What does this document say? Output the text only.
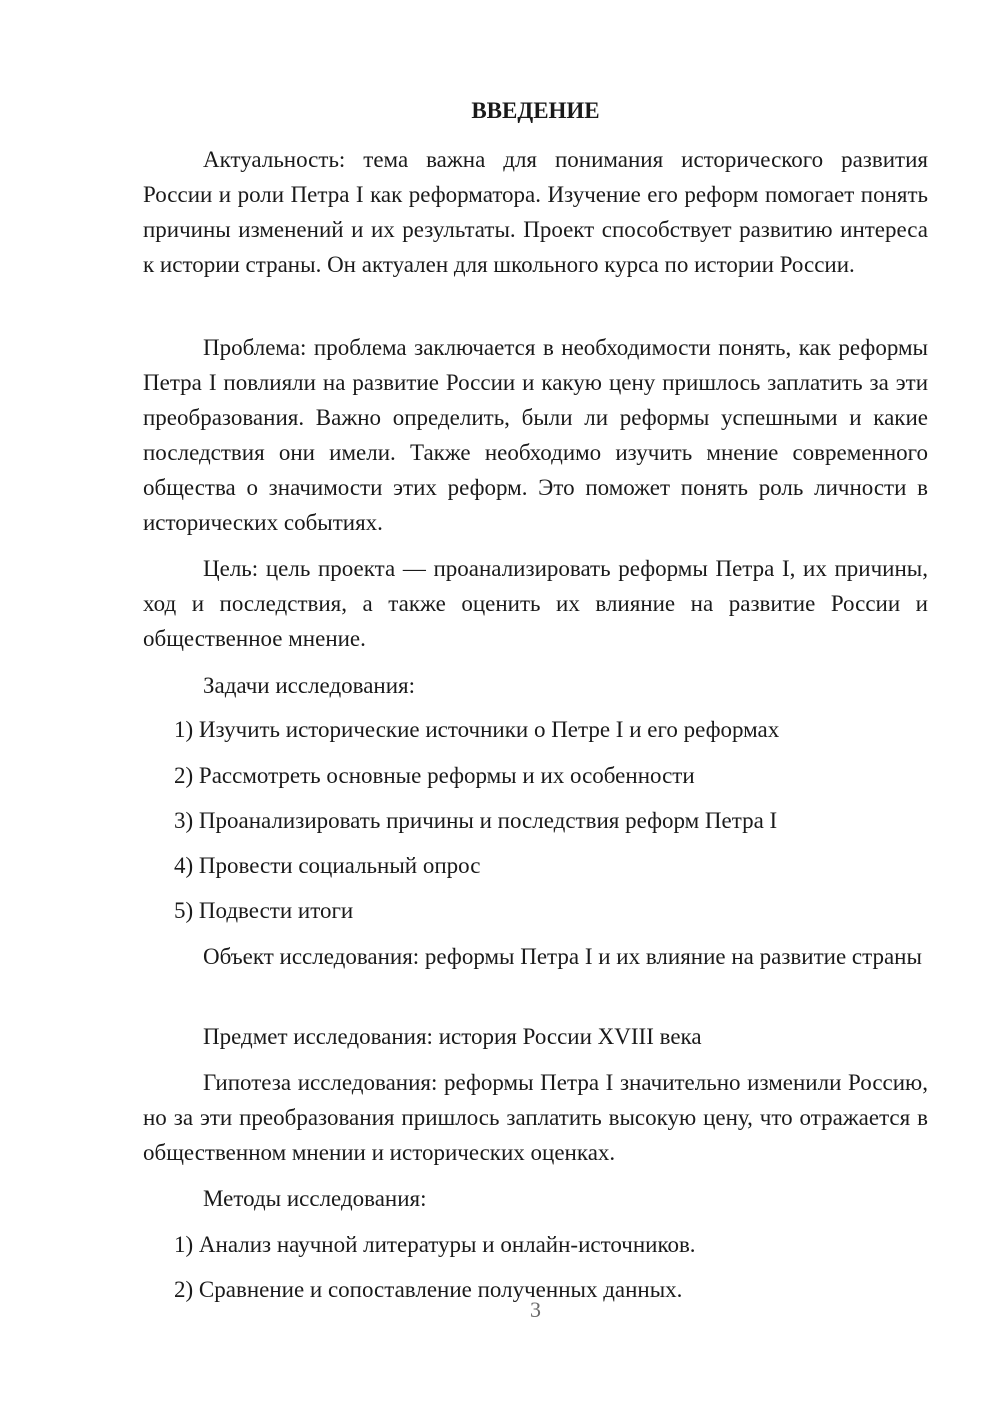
ВВЕДЕНИЕ

Актуальность: тема важна для понимания исторического развития России и роли Петра I как реформатора. Изучение его реформ помогает понять причины изменений и их результаты. Проект способствует развитию интереса к истории страны. Он актуален для школьного курса по истории России.

Проблема: проблема заключается в необходимости понять, как реформы Петра I повлияли на развитие России и какую цену пришлось заплатить за эти преобразования. Важно определить, были ли реформы успешными и какие последствия они имели. Также необходимо изучить мнение современного общества о значимости этих реформ. Это поможет понять роль личности в исторических событиях.

Цель: цель проекта — проанализировать реформы Петра I, их причины, ход и последствия, а также оценить их влияние на развитие России и общественное мнение.

Задачи исследования:

1) Изучить исторические источники о Петре I и его реформах

2) Рассмотреть основные реформы и их особенности

3) Проанализировать причины и последствия реформ Петра I

4) Провести социальный опрос

5) Подвести итоги

Объект исследования: реформы Петра I и их влияние на развитие страны

Предмет исследования: история России XVIII века

Гипотеза исследования: реформы Петра I значительно изменили Россию, но за эти преобразования пришлось заплатить высокую цену, что отражается в общественном мнении и исторических оценках.

Методы исследования:

1) Анализ научной литературы и онлайн-источников.

2) Сравнение и сопоставление полученных данных.

3
